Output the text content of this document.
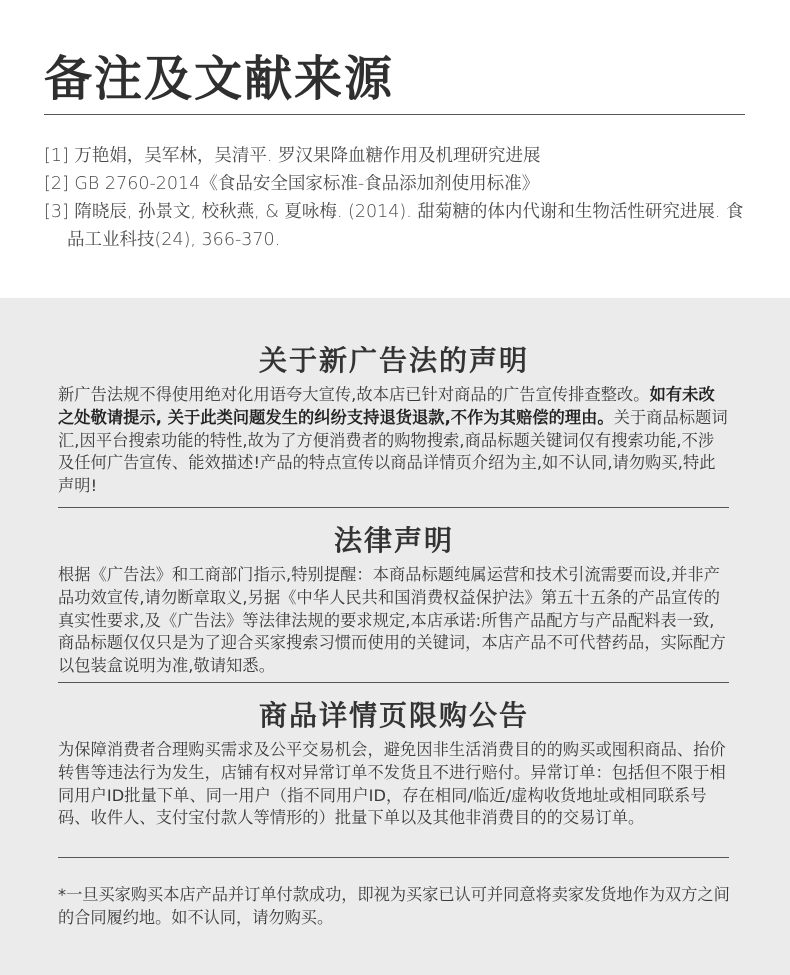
备注及文献来源
[1] 万艳娟，吴军林，吴清平. 罗汉果降血糖作用及机理研究进展
[2] GB 2760-2014《食品安全国家标准-食品添加剂使用标准》
[3] 隋晓辰, 孙景文, 校秋燕, & 夏咏梅. (2014). 甜菊糖的体内代谢和生物活性研究进展. 食品工业科技(24), 366-370.
关于新广告法的声明
新广告法规不得使用绝对化用语夸大宣传,故本店已针对商品的广告宣传排查整改。如有未改之处敬请提示, 关于此类问题发生的纠纷支持退货退款,不作为其赔偿的理由。关于商品标题词汇,因平台搜索功能的特性,故为了方便消费者的购物搜索,商品标题关键词仅有搜索功能,不涉及任何广告宣传、能效描述!产品的特点宣传以商品详情页介绍为主,如不认同,请勿购买,特此声明!
法律声明
根据《广告法》和工商部门指示,特别提醒：本商品标题纯属运营和技术引流需要而设,并非产品功效宣传,请勿断章取义,另据《中华人民共和国消费权益保护法》第五十五条的产品宣传的真实性要求,及《广告法》等法律法规的要求规定,本店承诺:所售产品配方与产品配料表一致, 商品标题仅仅只是为了迎合买家搜索习惯而使用的关键词，本店产品不可代替药品，实际配方以包装盒说明为准,敬请知悉。
商品详情页限购公告
为保障消费者合理购买需求及公平交易机会，避免因非生活消费目的的购买或囤积商品、抬价转售等违法行为发生，店铺有权对异常订单不发货且不进行赔付。异常订单：包括但不限于相同用户ID批量下单、同一用户（指不同用户ID，存在相同/临近/虚构收货地址或相同联系号码、收件人、支付宝付款人等情形的）批量下单以及其他非消费目的的交易订单。
*一旦买家购买本店产品并订单付款成功，即视为买家已认可并同意将卖家发货地作为双方之间的合同履约地。如不认同，请勿购买。
